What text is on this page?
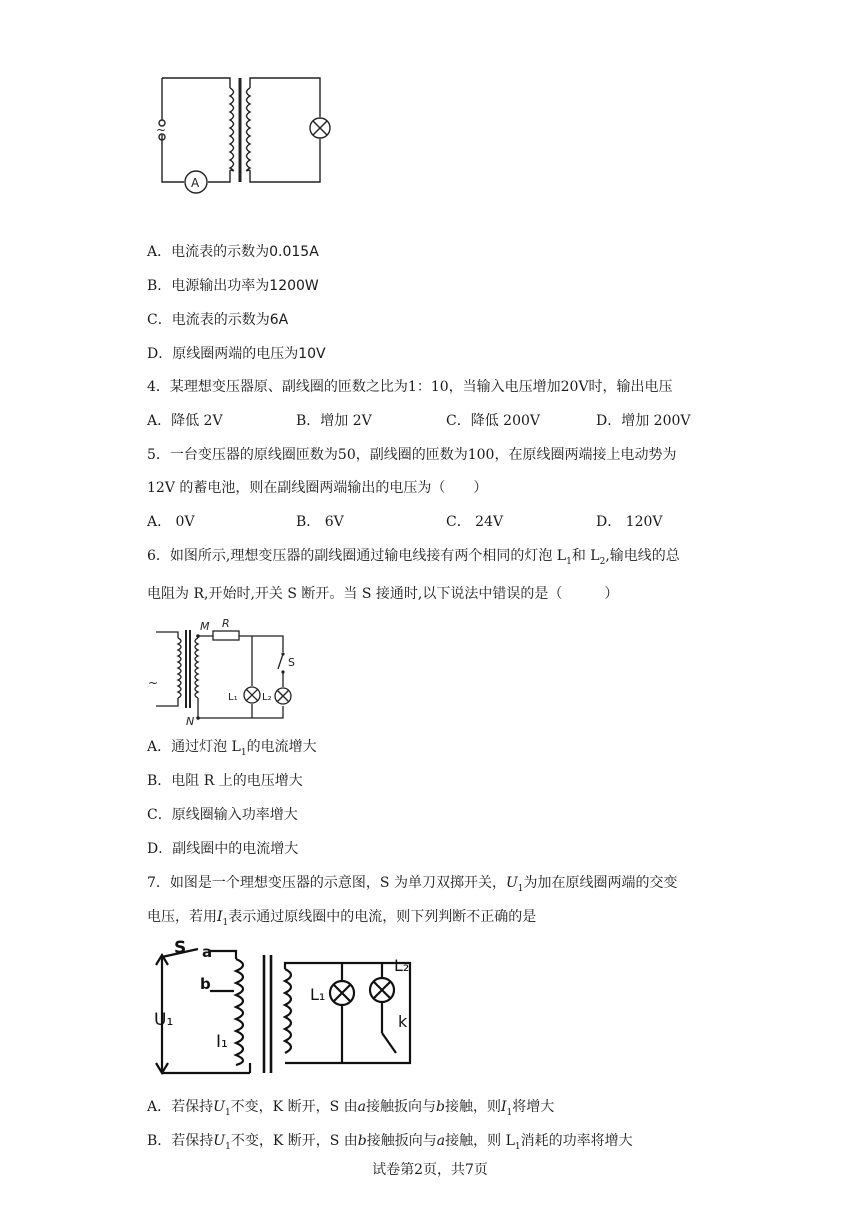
~
A
A．电流表的示数为0.015A
B．电源输出功率为1200W
C．电流表的示数为6A
D．原线圈两端的电压为10V
4．某理想变压器原、副线圈的匝数之比为1：10，当输入电压增加20V时，输出电压
A．降低 2V	B．增加 2V	C．降低 200V	D．增加 200V
5．一台变压器的原线圈匝数为50，副线圈的匝数为100，在原线圈两端接上电动势为
12V 的蓄电池，则在副线圈两端输出的电压为（　　）
A． 0V	B． 6V	C． 24V	D． 120V
6．如图所示,理想变压器的副线圈通过输电线接有两个相同的灯泡 $L_1$和 $L_2$,输电线的总
电阻为 R,开始时,开关 S 断开。当 S 接通时,以下说法中错误的是（　　　）
~
M R
S
L₁ L₂
N
A．通过灯泡 $L_1$的电流增大
B．电阻 R 上的电压增大
C．原线圈输入功率增大
D．副线圈中的电流增大
7．如图是一个理想变压器的示意图，S 为单刀双掷开关，$U_1$为加在原线圈两端的交变
电压，若用$I_1$表示通过原线圈中的电流，则下列判断不正确的是
S a
b
U₁
I₁
L₁
L₂
k
A．若保持$U_1$不变，K 断开，S 由a接触扳向与b接触，则$I_1$将增大
B．若保持$U_1$不变，K 断开，S 由b接触扳向与a接触，则 $L_1$消耗的功率将增大
试卷第2页，共7页
